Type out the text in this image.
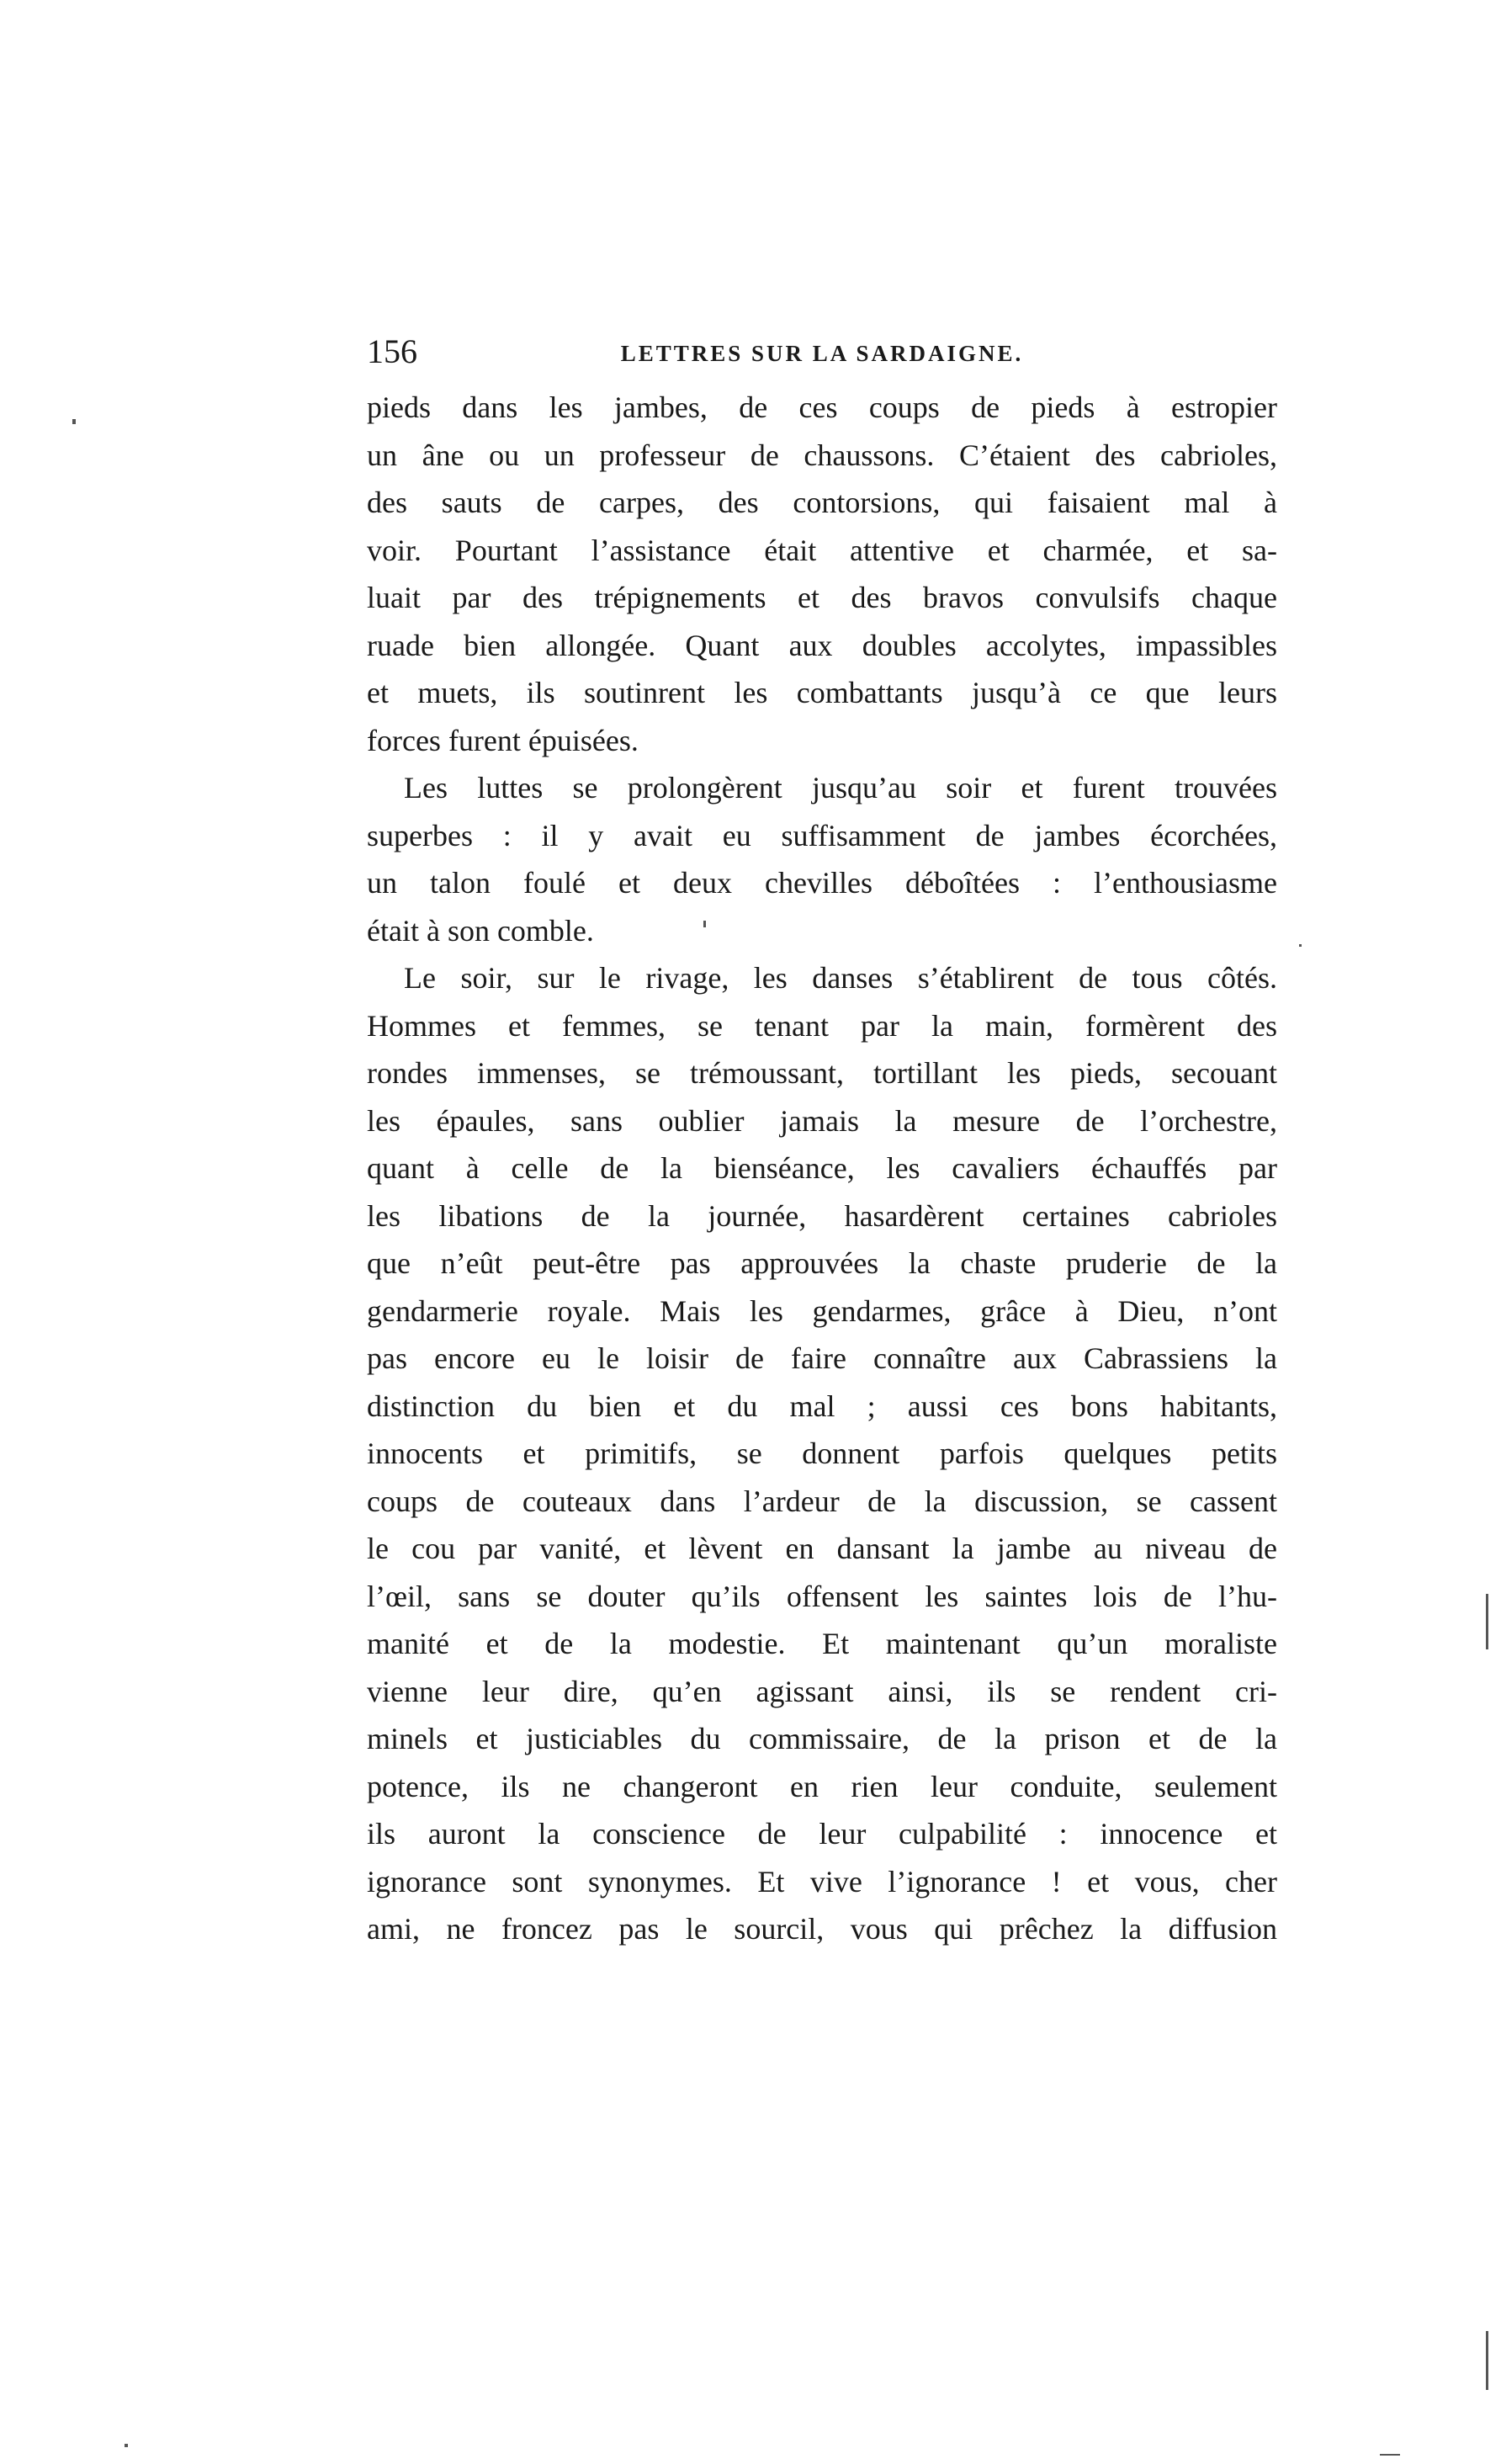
156	LETTRES SUR LA SARDAIGNE.
pieds dans les jambes, de ces coups de pieds à estropier
un âne ou un professeur de chaussons. C’étaient des cabrioles,
des sauts de carpes, des contorsions, qui faisaient mal à
voir. Pourtant l’assistance était attentive et charmée, et sa-
luait par des trépignements et des bravos convulsifs chaque
ruade bien allongée. Quant aux doubles accolytes, impassibles
et muets, ils soutinrent les combattants jusqu’à ce que leurs
forces furent épuisées.
Les luttes se prolongèrent jusqu’au soir et furent trouvées
superbes : il y avait eu suffisamment de jambes écorchées,
un talon foulé et deux chevilles déboîtées : l’enthousiasme
était à son comble.
Le soir, sur le rivage, les danses s’établirent de tous côtés.
Hommes et femmes, se tenant par la main, formèrent des
rondes immenses, se trémoussant, tortillant les pieds, secouant
les épaules, sans oublier jamais la mesure de l’orchestre,
quant à celle de la bienséance, les cavaliers échauffés par
les libations de la journée, hasardèrent certaines cabrioles
que n’eût peut-être pas approuvées la chaste pruderie de la
gendarmerie royale. Mais les gendarmes, grâce à Dieu, n’ont
pas encore eu le loisir de faire connaître aux Cabrassiens la
distinction du bien et du mal ; aussi ces bons habitants,
innocents et primitifs, se donnent parfois quelques petits
coups de couteaux dans l’ardeur de la discussion, se cassent
le cou par vanité, et lèvent en dansant la jambe au niveau de
l’œil, sans se douter qu’ils offensent les saintes lois de l’hu-
manité et de la modestie. Et maintenant qu’un moraliste
vienne leur dire, qu’en agissant ainsi, ils se rendent cri-
minels et justiciables du commissaire, de la prison et de la
potence, ils ne changeront en rien leur conduite, seulement
ils auront la conscience de leur culpabilité : innocence et
ignorance sont synonymes. Et vive l’ignorance ! et vous, cher
ami, ne froncez pas le sourcil, vous qui prêchez la diffusion
